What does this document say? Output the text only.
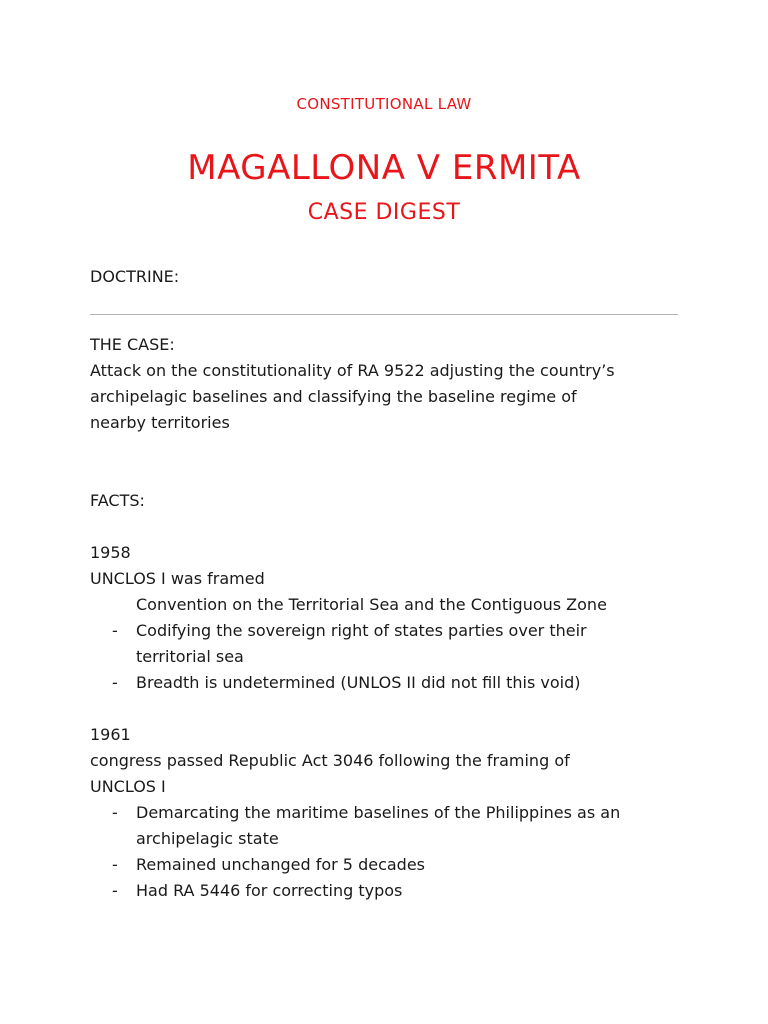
CONSTITUTIONAL LAW
MAGALLONA V ERMITA
CASE DIGEST
DOCTRINE:
THE CASE:
Attack on the constitutionality of RA 9522 adjusting the country’s
archipelagic baselines and classifying the baseline regime of
nearby territories
FACTS:
1958
UNCLOS I was framed
Convention on the Territorial Sea and the Contiguous Zone
- Codifying the sovereign right of states parties over their
territorial sea
- Breadth is undetermined (UNLOS II did not fill this void)
1961
congress passed Republic Act 3046 following the framing of
UNCLOS I
- Demarcating the maritime baselines of the Philippines as an
archipelagic state
- Remained unchanged for 5 decades
- Had RA 5446 for correcting typos
